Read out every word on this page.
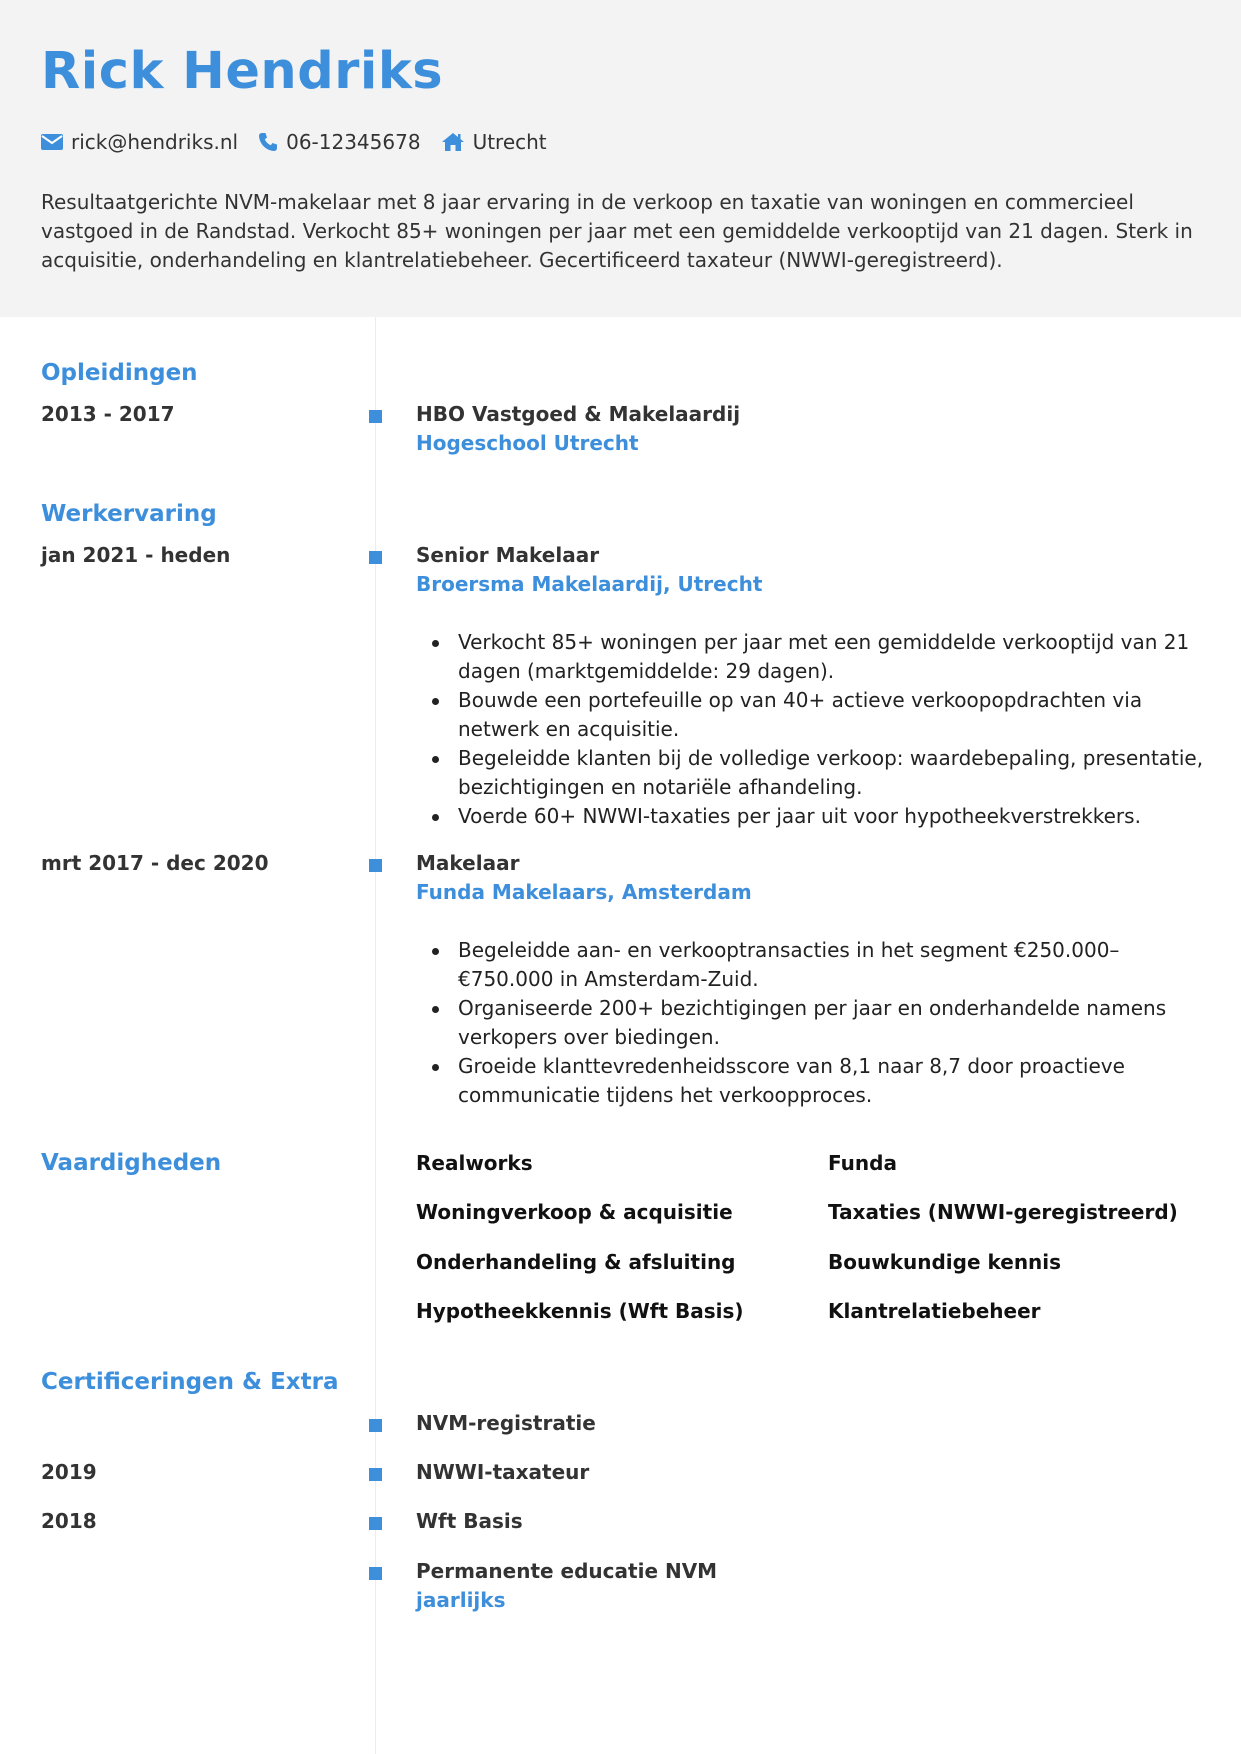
Rick Hendriks
rick@hendriks.nl 06-12345678	Utrecht
Resultaatgerichte NVM-makelaar met 8 jaar ervaring in de verkoop en taxatie van woningen en commercieel vastgoed in de Randstad. Verkocht 85+ woningen per jaar met een gemiddelde verkooptijd van 21 dagen. Sterk in acquisitie, onderhandeling en klantrelatiebeheer. Gecertificeerd taxateur (NWWI-geregistreerd).
Opleidingen
2013 - 2017	HBO Vastgoed & Makelaardij
Hogeschool Utrecht
Werkervaring
jan 2021 - heden	Senior Makelaar
Broersma Makelaardij, Utrecht
Verkocht 85+ woningen per jaar met een gemiddelde verkooptijd van 21 dagen (marktgemiddelde: 29 dagen).
Bouwde een portefeuille op van 40+ actieve verkoopopdrachten via netwerk en acquisitie.
Begeleidde klanten bij de volledige verkoop: waardebepaling, presentatie, bezichtigingen en notariële afhandeling.
Voerde 60+ NWWI-taxaties per jaar uit voor hypotheekverstrekkers.
mrt 2017 - dec 2020	Makelaar
Funda Makelaars, Amsterdam
Begeleidde aan- en verkooptransacties in het segment €250.000–€750.000 in Amsterdam-Zuid.
Organiseerde 200+ bezichtigingen per jaar en onderhandelde namens verkopers over biedingen.
Groeide klanttevredenheidsscore van 8,1 naar 8,7 door proactieve communicatie tijdens het verkoopproces.
Vaardigheden	Realworks	Funda
Woningverkoop & acquisitie	Taxaties (NWWI-geregistreerd)
Onderhandeling & afsluiting	Bouwkundige kennis
Hypotheekkennis (Wft Basis)	Klantrelatiebeheer
Certificeringen & Extra
NVM-registratie
2019	NWWI-taxateur
2018	Wft Basis
Permanente educatie NVM
jaarlijks
